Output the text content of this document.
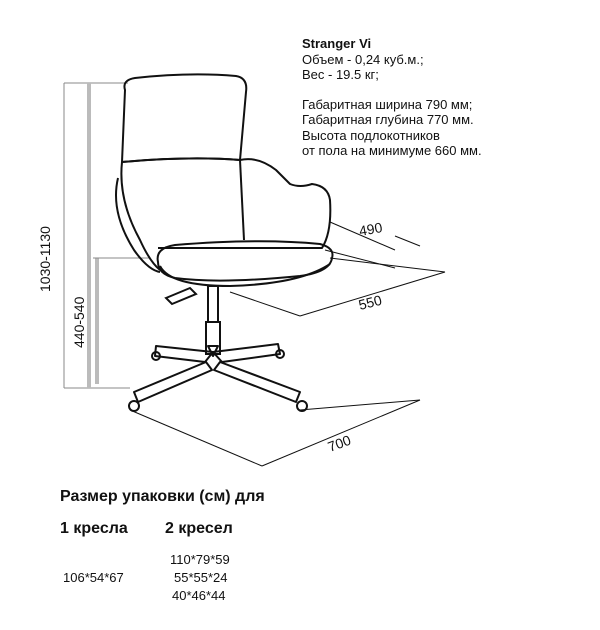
1030-1130
440-540
490
550
700
Stranger Vi
Объем - 0,24 куб.м.;
Вес - 19.5 кг;
Габаритная ширина 790 мм;
Габаритная глубина 770 мм.
Высота подлокотников
от пола на минимуме 660 мм.
Размер упаковки (см) для
1 кресла 2 кресел
106*54*67
110*79*59
55*55*24
40*46*44
